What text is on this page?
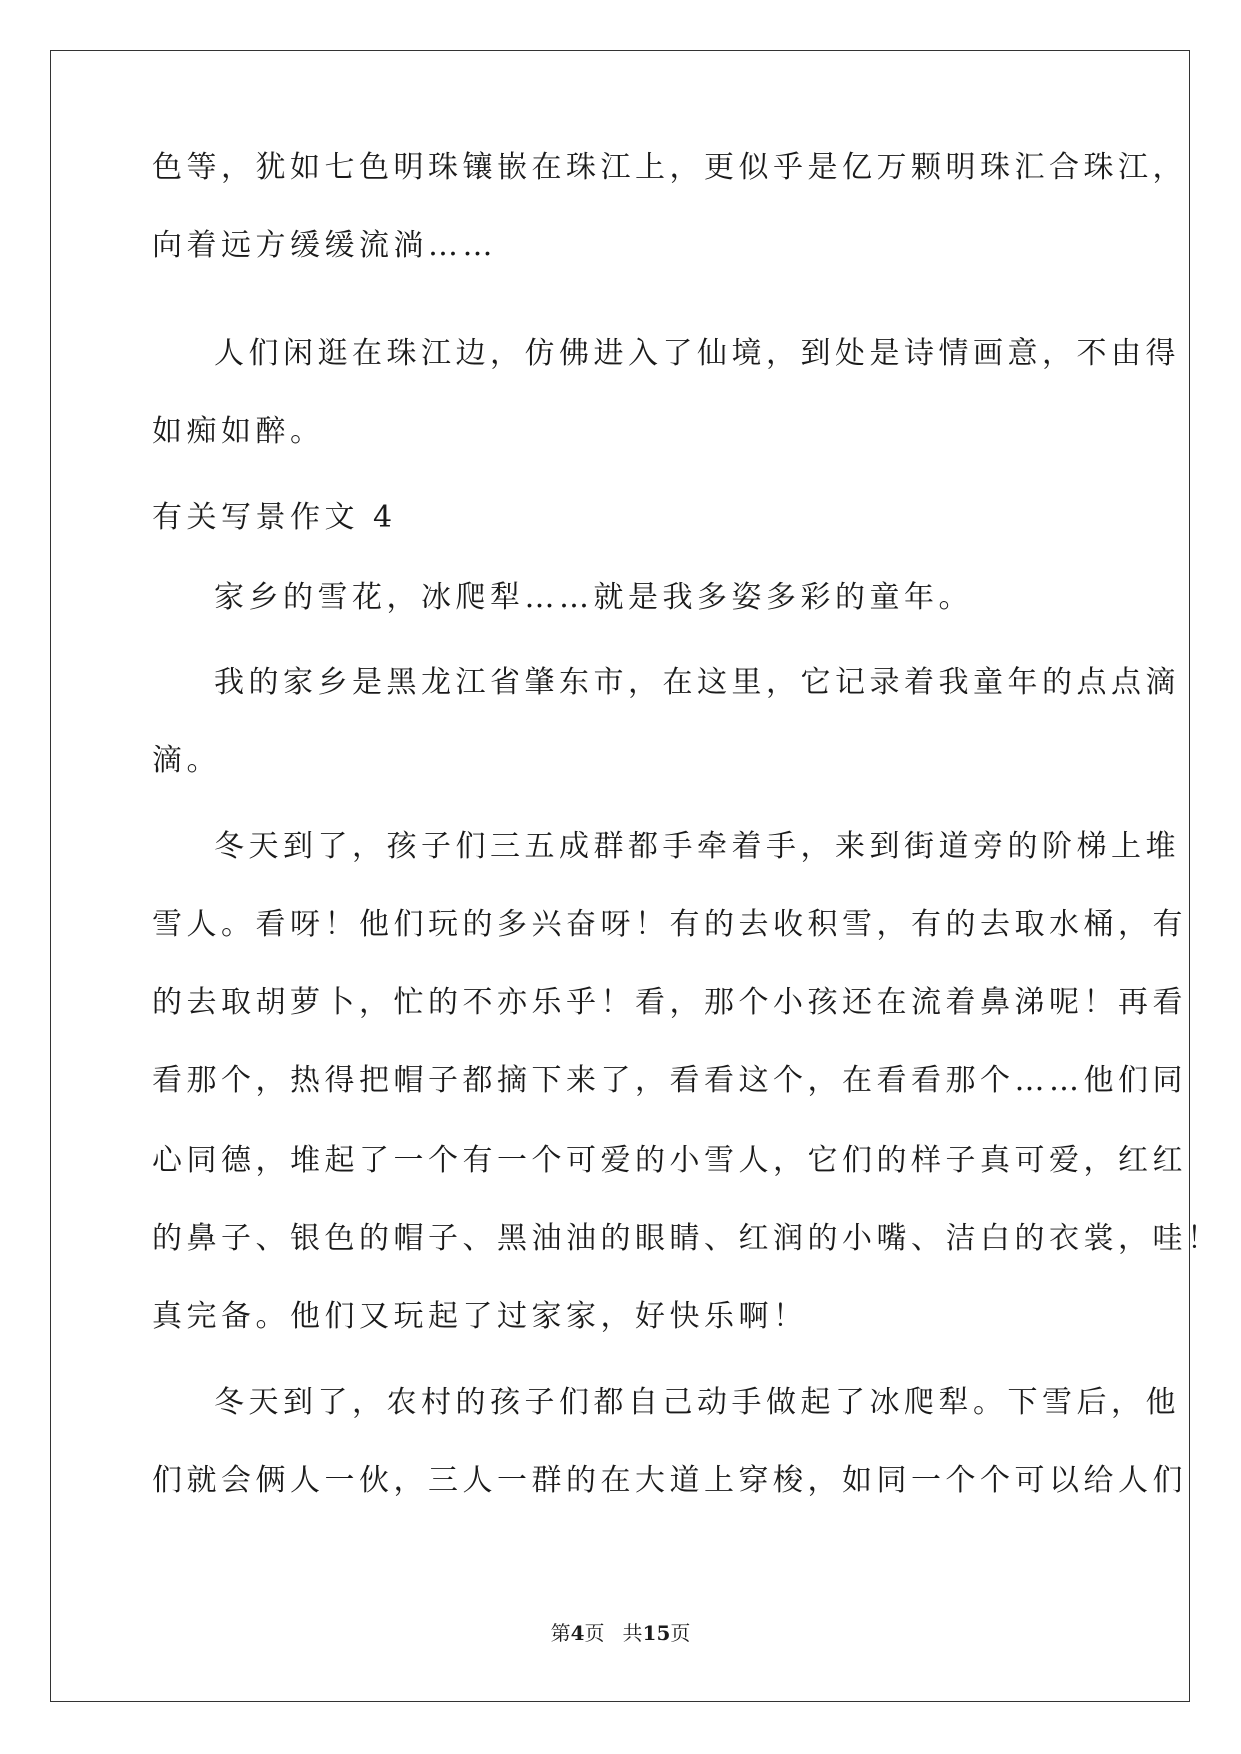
色等，犹如七色明珠镶嵌在珠江上，更似乎是亿万颗明珠汇合珠江，
向着远方缓缓流淌……
人们闲逛在珠江边，仿佛进入了仙境，到处是诗情画意，不由得
如痴如醉。
有关写景作文 4
家乡的雪花，冰爬犁……就是我多姿多彩的童年。
我的家乡是黑龙江省肇东市，在这里，它记录着我童年的点点滴
滴。
冬天到了，孩子们三五成群都手牵着手，来到街道旁的阶梯上堆
雪人。看呀！他们玩的多兴奋呀！有的去收积雪，有的去取水桶，有
的去取胡萝卜，忙的不亦乐乎！看，那个小孩还在流着鼻涕呢！再看
看那个，热得把帽子都摘下来了，看看这个，在看看那个……他们同
心同德，堆起了一个有一个可爱的小雪人，它们的样子真可爱，红红
的鼻子、银色的帽子、黑油油的眼睛、红润的小嘴、洁白的衣裳，哇！
真完备。他们又玩起了过家家，好快乐啊！
冬天到了，农村的孩子们都自己动手做起了冰爬犁。下雪后，他
们就会俩人一伙，三人一群的在大道上穿梭，如同一个个可以给人们
第4页 共15页
